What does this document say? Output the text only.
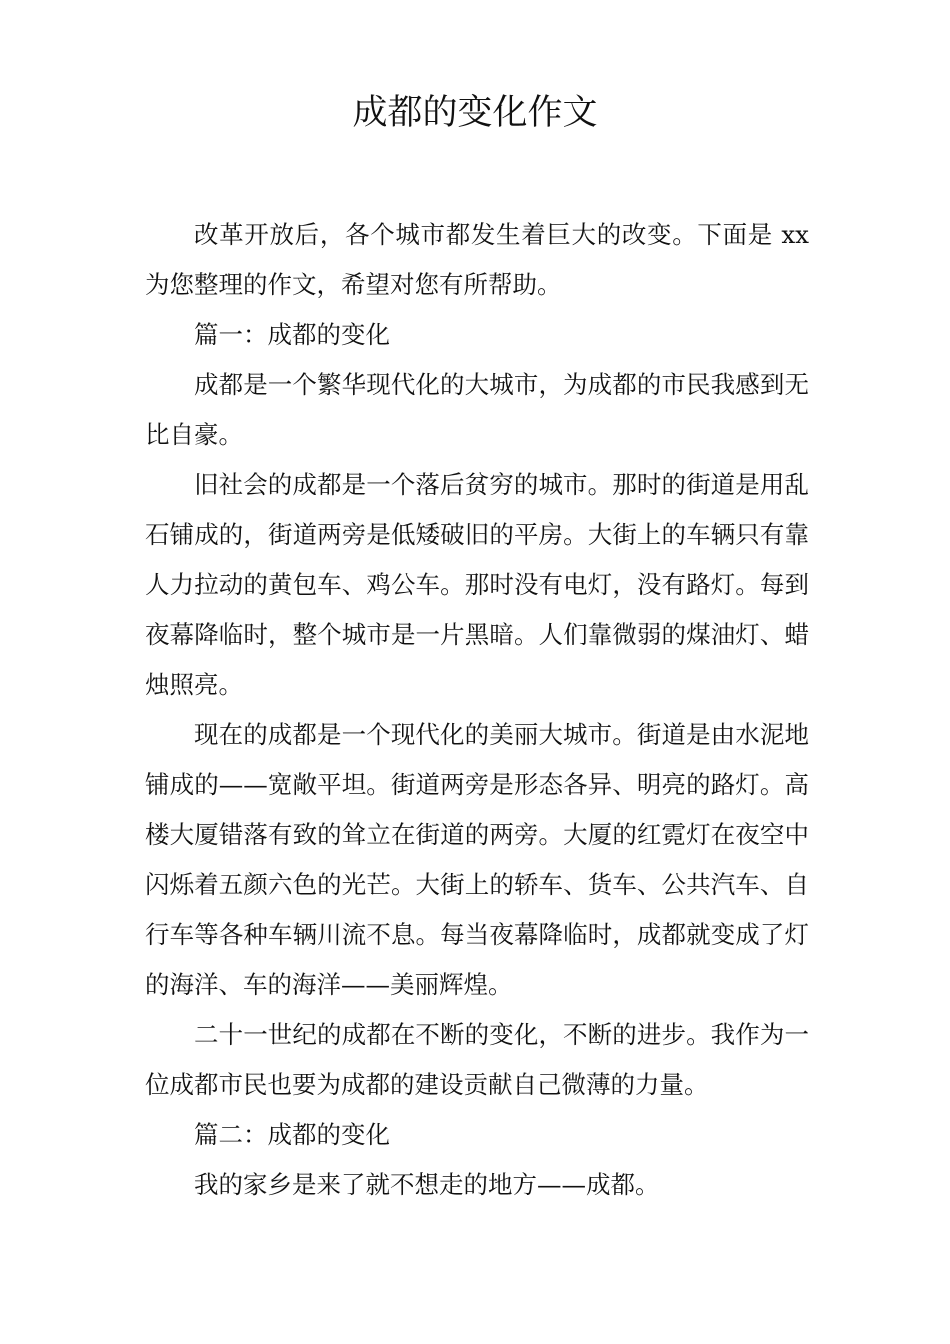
成都的变化作文

改革开放后，各个城市都发生着巨大的改变。下面是 xx 为您整理的作文，希望对您有所帮助。

篇一：成都的变化

成都是一个繁华现代化的大城市，为成都的市民我感到无比自豪。

旧社会的成都是一个落后贫穷的城市。那时的街道是用乱石铺成的，街道两旁是低矮破旧的平房。大街上的车辆只有靠人力拉动的黄包车、鸡公车。那时没有电灯，没有路灯。每到夜幕降临时，整个城市是一片黑暗。人们靠微弱的煤油灯、蜡烛照亮。

现在的成都是一个现代化的美丽大城市。街道是由水泥地铺成的——宽敞平坦。街道两旁是形态各异、明亮的路灯。高楼大厦错落有致的耸立在街道的两旁。大厦的红霓灯在夜空中闪烁着五颜六色的光芒。大街上的轿车、货车、公共汽车、自行车等各种车辆川流不息。每当夜幕降临时，成都就变成了灯的海洋、车的海洋——美丽辉煌。

二十一世纪的成都在不断的变化，不断的进步。我作为一位成都市民也要为成都的建设贡献自己微薄的力量。

篇二：成都的变化

我的家乡是来了就不想走的地方——成都。
